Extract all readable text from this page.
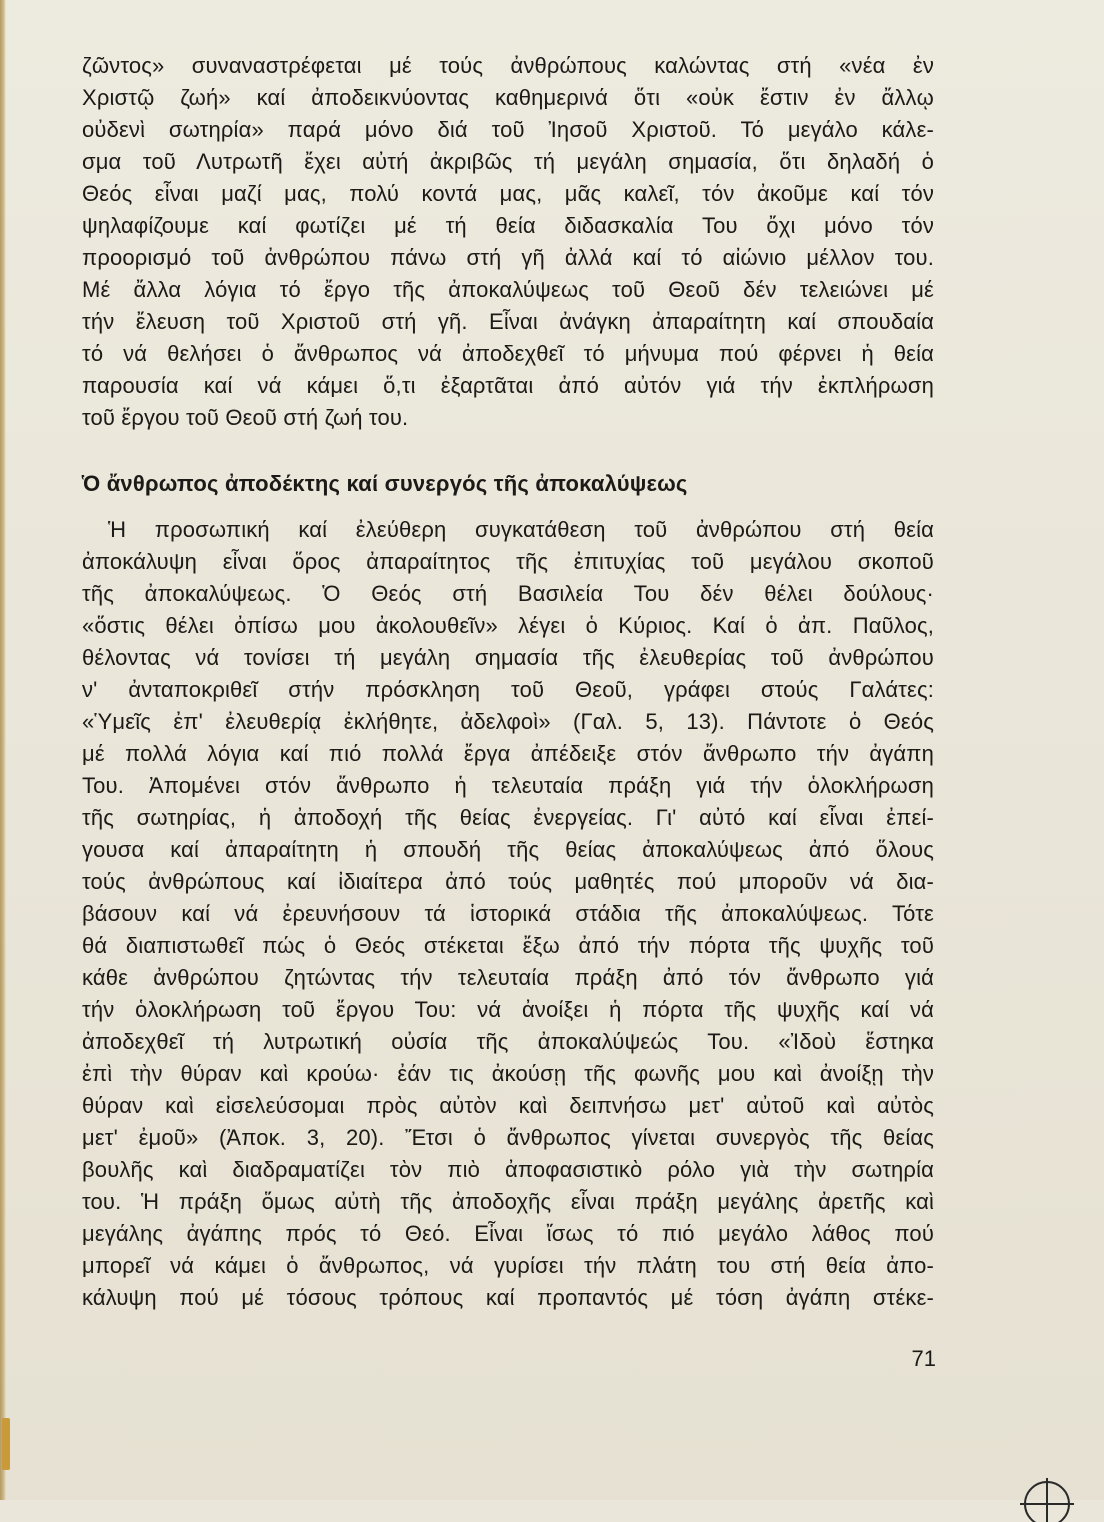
ζῶντος» συναναστρέφεται μέ τούς ἀνθρώπους καλώντας στή «νέα ἐν

Χριστῷ ζωή» καί ἀποδεικνύοντας καθημερινά ὅτι «οὐκ ἔστιν ἐν ἄλλῳ

οὐδενὶ σωτηρία» παρά μόνο διά τοῦ Ἰησοῦ Χριστοῦ. Τό μεγάλο κάλε-

σμα τοῦ Λυτρωτῆ ἔχει αὐτή ἀκριβῶς τή μεγάλη σημασία, ὅτι δηλαδή ὁ

Θεός εἶναι μαζί μας, πολύ κοντά μας, μᾶς καλεῖ, τόν ἀκοῦμε καί τόν

ψηλαφίζουμε καί φωτίζει μέ τή θεία διδασκαλία Του ὄχι μόνο τόν

προορισμό τοῦ ἀνθρώπου πάνω στή γῆ ἀλλά καί τό αἰώνιο μέλλον του.

Μέ ἄλλα λόγια τό ἔργο τῆς ἀποκαλύψεως τοῦ Θεοῦ δέν τελειώνει μέ

τήν ἔλευση τοῦ Χριστοῦ στή γῆ. Εἶναι ἀνάγκη ἀπαραίτητη καί σπουδαία

τό νά θελήσει ὁ ἄνθρωπος νά ἀποδεχθεῖ τό μήνυμα πού φέρνει ἡ θεία

παρουσία καί νά κάμει ὅ,τι ἐξαρτᾶται ἀπό αὐτόν γιά τήν ἐκπλήρωση

τοῦ ἔργου τοῦ Θεοῦ στή ζωή του.

Ὁ ἄνθρωπος ἀποδέκτης καί συνεργός τῆς ἀποκαλύψεως

Ἡ προσωπική καί ἐλεύθερη συγκατάθεση τοῦ ἀνθρώπου στή θεία

ἀποκάλυψη εἶναι ὅρος ἀπαραίτητος τῆς ἐπιτυχίας τοῦ μεγάλου σκοποῦ

τῆς ἀποκαλύψεως. Ὁ Θεός στή Βασιλεία Του δέν θέλει δούλους·

«ὅστις θέλει ὀπίσω μου ἀκολουθεῖν» λέγει ὁ Κύριος. Καί ὁ ἀπ. Παῦλος,

θέλοντας νά τονίσει τή μεγάλη σημασία τῆς ἐλευθερίας τοῦ ἀνθρώπου

ν' ἀνταποκριθεῖ στήν πρόσκληση τοῦ Θεοῦ, γράφει στούς Γαλάτες:

«Ὑμεῖς ἐπ' ἐλευθερίᾳ ἐκλήθητε, ἀδελφοὶ» (Γαλ. 5, 13). Πάντοτε ὁ Θεός

μέ πολλά λόγια καί πιό πολλά ἔργα ἀπέδειξε στόν ἄνθρωπο τήν ἀγάπη

Του. Ἀπομένει στόν ἄνθρωπο ἡ τελευταία πράξη γιά τήν ὁλοκλήρωση

τῆς σωτηρίας, ἡ ἀποδοχή τῆς θείας ἐνεργείας. Γι' αὐτό καί εἶναι ἐπεί-

γουσα καί ἀπαραίτητη ἡ σπουδή τῆς θείας ἀποκαλύψεως ἀπό ὅλους

τούς ἀνθρώπους καί ἰδιαίτερα ἀπό τούς μαθητές πού μποροῦν νά δια-

βάσουν καί νά ἐρευνήσουν τά ἱστορικά στάδια τῆς ἀποκαλύψεως. Τότε

θά διαπιστωθεῖ πώς ὁ Θεός στέκεται ἔξω ἀπό τήν πόρτα τῆς ψυχῆς τοῦ

κάθε ἀνθρώπου ζητώντας τήν τελευταία πράξη ἀπό τόν ἄνθρωπο γιά

τήν ὁλοκλήρωση τοῦ ἔργου Του: νά ἀνοίξει ἡ πόρτα τῆς ψυχῆς καί νά

ἀποδεχθεῖ τή λυτρωτική οὐσία τῆς ἀποκαλύψεώς Του. «Ἰδοὺ ἕστηκα

ἐπὶ τὴν θύραν καὶ κρούω· ἐάν τις ἀκούσῃ τῆς φωνῆς μου καὶ ἀνοίξῃ τὴν

θύραν καὶ εἰσελεύσομαι πρὸς αὐτὸν καὶ δειπνήσω μετ' αὐτοῦ καὶ αὐτὸς

μετ' ἐμοῦ» (Ἀποκ. 3, 20). Ἔτσι ὁ ἄνθρωπος γίνεται συνεργὸς τῆς θείας

βουλῆς καὶ διαδραματίζει τὸν πιὸ ἀποφασιστικὸ ρόλο γιὰ τὴν σωτηρία

του. Ἡ πράξη ὅμως αὐτὴ τῆς ἀποδοχῆς εἶναι πράξη μεγάλης ἀρετῆς καὶ

μεγάλης ἀγάπης πρός τό Θεό. Εἶναι ἴσως τό πιό μεγάλο λάθος πού

μπορεῖ νά κάμει ὁ ἄνθρωπος, νά γυρίσει τήν πλάτη του στή θεία ἀπο-

κάλυψη πού μέ τόσους τρόπους καί προπαντός μέ τόση ἀγάπη στέκε-

71
